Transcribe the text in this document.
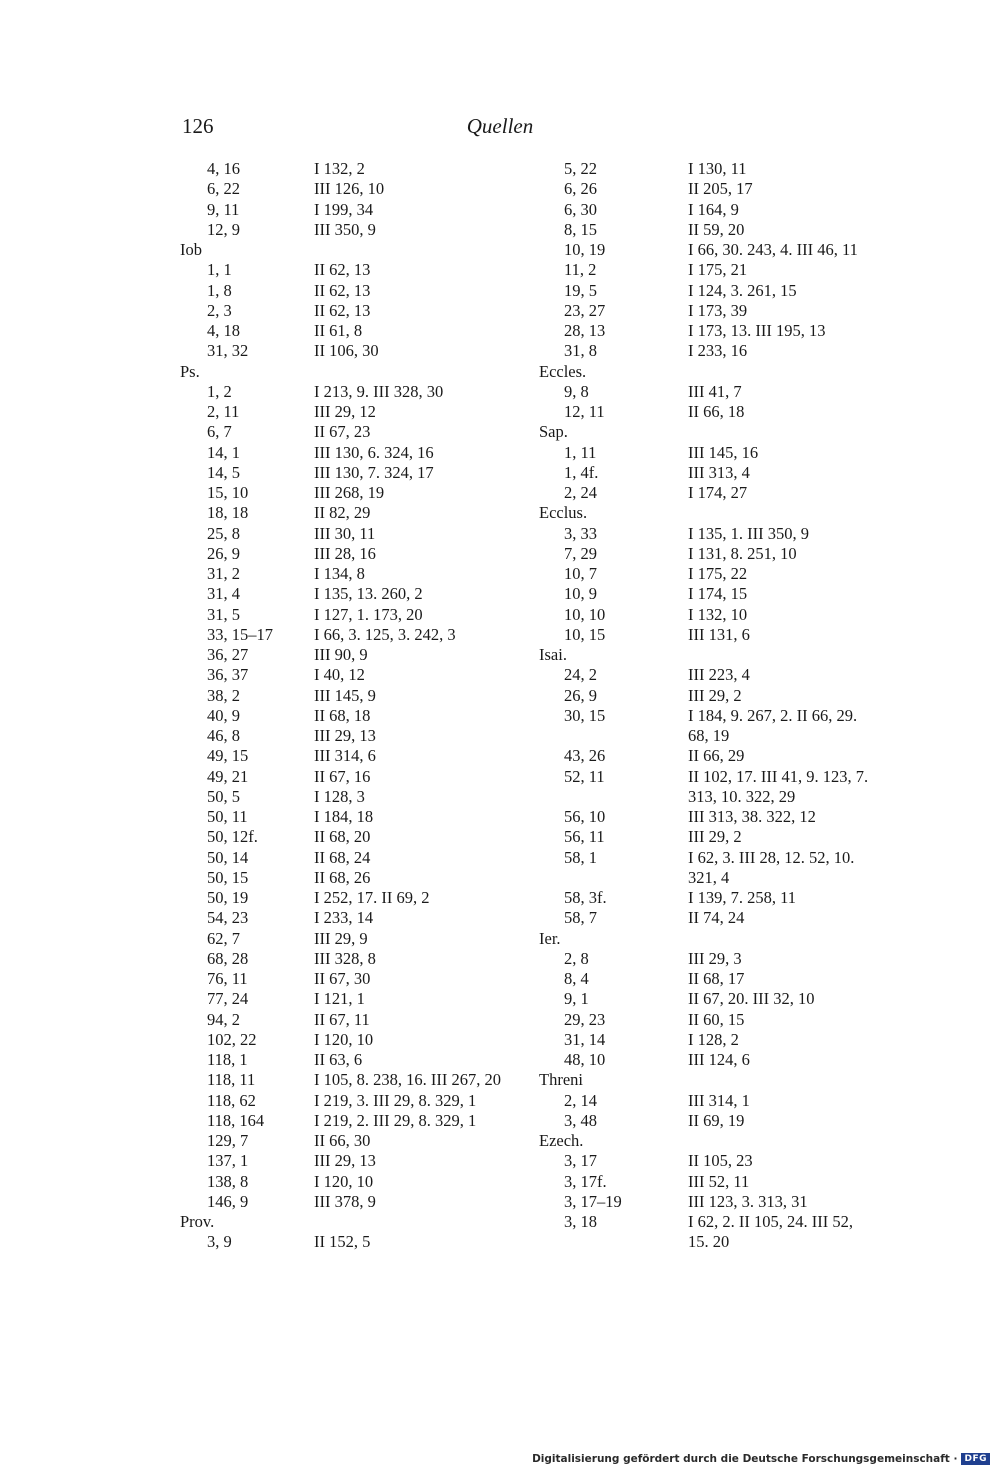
126	Quellen
4, 16	I 132, 2
6, 22	III 126, 10
9, 11	I 199, 34
12, 9	III 350, 9
Iob
1, 1	II 62, 13
1, 8	II 62, 13
2, 3	II 62, 13
4, 18	II 61, 8
31, 32	II 106, 30
Ps.
1, 2	I 213, 9. III 328, 30
2, 11	III 29, 12
6, 7	II 67, 23
14, 1	III 130, 6. 324, 16
14, 5	III 130, 7. 324, 17
15, 10	III 268, 19
18, 18	II 82, 29
25, 8	III 30, 11
26, 9	III 28, 16
31, 2	I 134, 8
31, 4	I 135, 13. 260, 2
31, 5	I 127, 1. 173, 20
33, 15–17 I 66, 3. 125, 3. 242, 3
36, 27	III 90, 9
36, 37	I 40, 12
38, 2	III 145, 9
40, 9	II 68, 18
46, 8	III 29, 13
49, 15	III 314, 6
49, 21	II 67, 16
50, 5	I 128, 3
50, 11	I 184, 18
50, 12f.	II 68, 20
50, 14	II 68, 24
50, 15	II 68, 26
50, 19	I 252, 17. II 69, 2
54, 23	I 233, 14
62, 7	III 29, 9
68, 28	III 328, 8
76, 11	II 67, 30
77, 24	I 121, 1
94, 2	II 67, 11
102, 22	I 120, 10
118, 1	II 63, 6
118, 11	I 105, 8. 238, 16. III 267, 20
118, 62	I 219, 3. III 29, 8. 329, 1
118, 164	I 219, 2. III 29, 8. 329, 1
129, 7	II 66, 30
137, 1	III 29, 13
138, 8	I 120, 10
146, 9	III 378, 9
Prov.
3, 9	II 152, 5
5, 22	I 130, 11
6, 26	II 205, 17
6, 30	I 164, 9
8, 15	II 59, 20
10, 19	I 66, 30. 243, 4. III 46, 11
11, 2	I 175, 21
19, 5	I 124, 3. 261, 15
23, 27	I 173, 39
28, 13	I 173, 13. III 195, 13
31, 8	I 233, 16
Eccles.
9, 8	III 41, 7
12, 11	II 66, 18
Sap.
1, 11	III 145, 16
1, 4f.	III 313, 4
2, 24	I 174, 27
Ecclus.
3, 33	I 135, 1. III 350, 9
7, 29	I 131, 8. 251, 10
10, 7	I 175, 22
10, 9	I 174, 15
10, 10	I 132, 10
10, 15	III 131, 6
Isai.
24, 2	III 223, 4
26, 9	III 29, 2
30, 15	I 184, 9. 267, 2. II 66, 29.
68, 19
43, 26	II 66, 29
52, 11	II 102, 17. III 41, 9. 123, 7.
313, 10. 322, 29
56, 10	III 313, 38. 322, 12
56, 11	III 29, 2
58, 1	I 62, 3. III 28, 12. 52, 10.
321, 4
58, 3f.	I 139, 7. 258, 11
58, 7	II 74, 24
Ier.
2, 8	III 29, 3
8, 4	II 68, 17
9, 1	II 67, 20. III 32, 10
29, 23	II 60, 15
31, 14	I 128, 2
48, 10	III 124, 6
Threni
2, 14	III 314, 1
3, 48	II 69, 19
Ezech.
3, 17	II 105, 23
3, 17f.	III 52, 11
3, 17–19	III 123, 3. 313, 31
3, 18	I 62, 2. II 105, 24. III 52,
15. 20
Digitalisierung gefördert durch die Deutsche Forschungsgemeinschaft · DFG
